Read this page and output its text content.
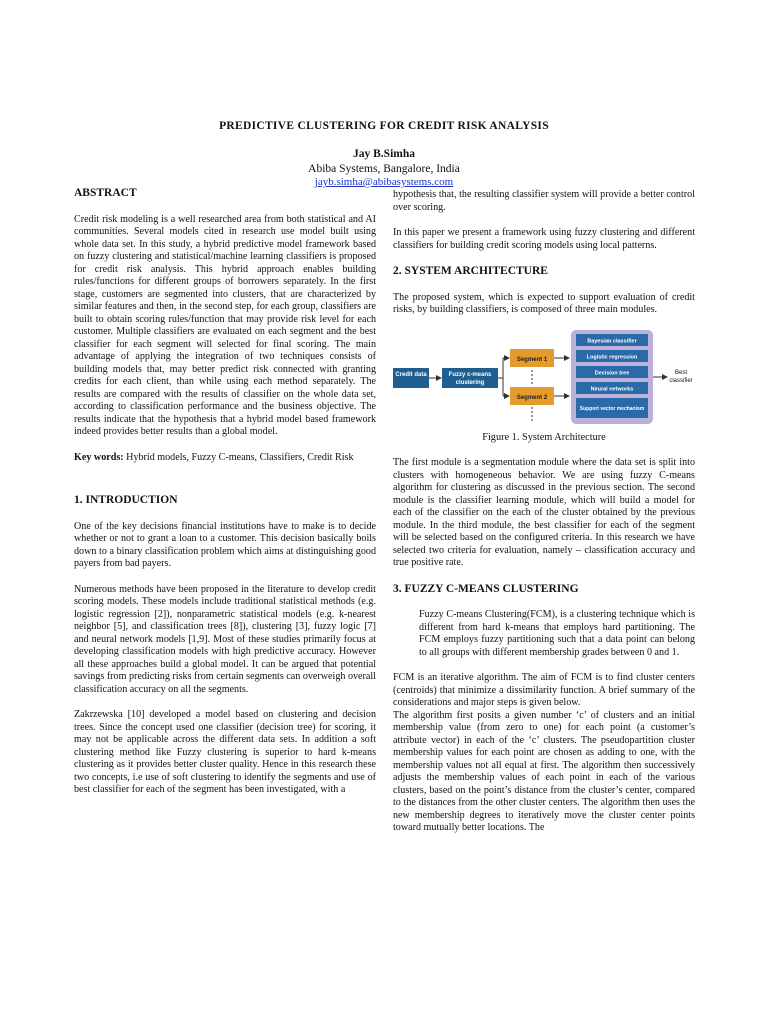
PREDICTIVE CLUSTERING FOR CREDIT RISK ANALYSIS
Jay B.Simha
Abiba Systems, Bangalore, India
jayb.simha@abibasystems.com
ABSTRACT

Credit risk modeling is a well researched area from both statistical and AI communities. Several models cited in research use model built using whole data set. In this study, a hybrid predictive model framework based on fuzzy clustering and statistical/machine learning classifiers is proposed for credit risk analysis. This hybrid approach enables building rules/functions for different groups of borrowers separately. In the first stage, customers are segmented into clusters, that are characterized by similar features and then, in the second step, for each group, classifiers are built to obtain scoring rules/function that may provide risk level for each customer. Multiple classifiers are evaluated on each segment and the best classifier for each segment will selected for final scoring. The main advantage of applying the integration of two techniques consists of building models that, may better predict risk connected with granting credits for each client, than while using each method separately. The results are compared with the results of classifier on the whole data set, according to classification performance and the business objective. The results indicate that the hypothesis that a hybrid model based framework indeed provides better results than a global model.

Key words: Hybrid models, Fuzzy C-means, Classifiers, Credit Risk

1. INTRODUCTION

One of the key decisions financial institutions have to make is to decide whether or not to grant a loan to a customer. This decision basically boils down to a binary classification problem which aims at distinguishing good payers from bad payers.

Numerous methods have been proposed in the literature to develop credit scoring models. These models include traditional statistical methods (e.g. logistic regression [2]), nonparametric statistical models (e.g. k-nearest neighbor [5], and classification trees [8]), clustering [3], fuzzy logic [7] and neural network models [1,9]. Most of these studies primarily focus at developing classification models with high predictive accuracy. However all these approaches build a global model. It can be argued that potential savings from predicting risks from certain segments can overweigh overall classification accuracy on all the segments.

Zakrzewska [10] developed a model based on clustering and decision trees. Since the concept used one classifier (decision tree) for scoring, it may not be applicable across the different data sets. In addition a soft clustering method like Fuzzy clustering is superior to hard k-means clustering as it provides better cluster quality. Hence in this research these two concepts, i.e use of soft clustering to identify the segments and use of best classifier for each of the segment has been investigated, with a

hypothesis that, the resulting classifier system will provide a better control over scoring.

In this paper we present a framework using fuzzy clustering and different classifiers for building credit scoring models using local patterns.

2. SYSTEM ARCHITECTURE

The proposed system, which is expected to support evaluation of credit risks, by building classifiers, is composed of three main modules.

Credit data	Fuzzy c-means
clustering
Segment 1
Segment 2
Bayesian classifier
Logistic regression
Decision tree
Neural networks
Support vector mechanism
Best
classifier
Figure 1. System Architecture

The first module is a segmentation module where the data set is split into clusters with homogeneous behavior. We are using fuzzy C-means algorithm for clustering as discussed in the previous section. The second module is the classifier learning module, which will build a model for each of the classifier on the each of the cluster obtained by the previous module. In the third module, the best classifier for each of the segment will be selected based on the configured criteria. In this research we have selected two criteria for evaluation, namely – classification accuracy and true positive rate.

3. FUZZY C-MEANS CLUSTERING

Fuzzy C-means Clustering(FCM), is a clustering technique which is different from hard k-means that employs hard partitioning. The FCM employs fuzzy partitioning such that a data point can belong to all groups with different membership grades between 0 and 1.

FCM is an iterative algorithm. The aim of FCM is to find cluster centers (centroids) that minimize a dissimilarity function. A brief summary of the considerations and major steps is given below.

The algorithm first posits a given number ‘c’ of clusters and an initial membership value (from zero to one) for each point (a customer’s attribute vector) in each of the ‘c’ clusters. The pseudopartition cluster membership values for each point are chosen as adding to one, with the membership values not all equal at first. The algorithm then successively adjusts the membership values of each point in each of the various clusters, based on the point’s distance from the cluster’s center, compared to the distances from the other cluster centers. The algorithm then uses the new membership degrees to iteratively move the cluster center points toward mutually better locations. The
